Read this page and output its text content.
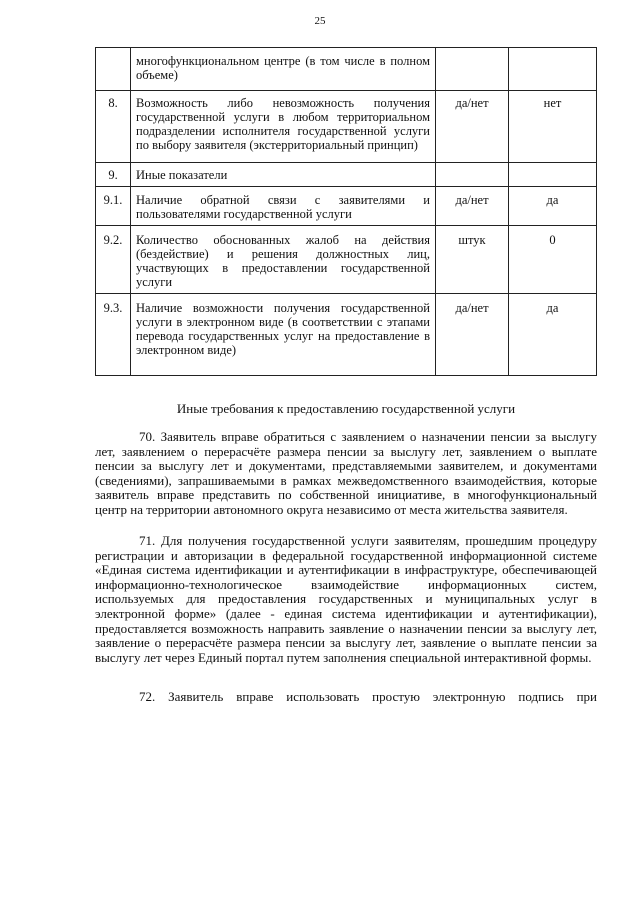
25
	многофункциональном центре (в том числе в полном объеме)		
8.	Возможность либо невозможность получения государственной услуги в любом территориальном подразделении исполнителя государственной услуги по выбору заявителя (экстерриториальный принцип)	да/нет	нет
9.	Иные показатели		
9.1.	Наличие обратной связи с заявителями и пользователями государственной услуги	да/нет	да
9.2.	Количество обоснованных жалоб на действия (бездействие) и решения должностных лиц, участвующих в предоставлении государственной услуги	штук	0
9.3.	Наличие возможности получения государственной услуги в электронном виде (в соответствии с этапами перевода государственных услуг на предоставление в электронном виде)	да/нет	да
Иные требования к предоставлению государственной услуги

70. Заявитель вправе обратиться с заявлением о назначении пенсии за выслугу лет, заявлением о перерасчёте размера пенсии за выслугу лет, заявлением о выплате пенсии за выслугу лет и документами, представляемыми заявителем, и документами (сведениями), запрашиваемыми в рамках межведомственного взаимодействия, которые заявитель вправе представить по собственной инициативе, в многофункциональный центр на территории автономного округа независимо от места жительства заявителя.

71. Для получения государственной услуги заявителям, прошедшим процедуру регистрации и авторизации в федеральной государственной информационной системе «Единая система идентификации и аутентификации в инфраструктуре, обеспечивающей информационно-технологическое взаимодействие информационных систем, используемых для предоставления государственных и муниципальных услуг в электронной форме» (далее - единая система идентификации и аутентификации), предоставляется возможность направить заявление о назначении пенсии за выслугу лет, заявление о перерасчёте размера пенсии за выслугу лет, заявление о выплате пенсии за выслугу лет через Единый портал путем заполнения специальной интерактивной формы.

72. Заявитель вправе использовать простую электронную подпись при
